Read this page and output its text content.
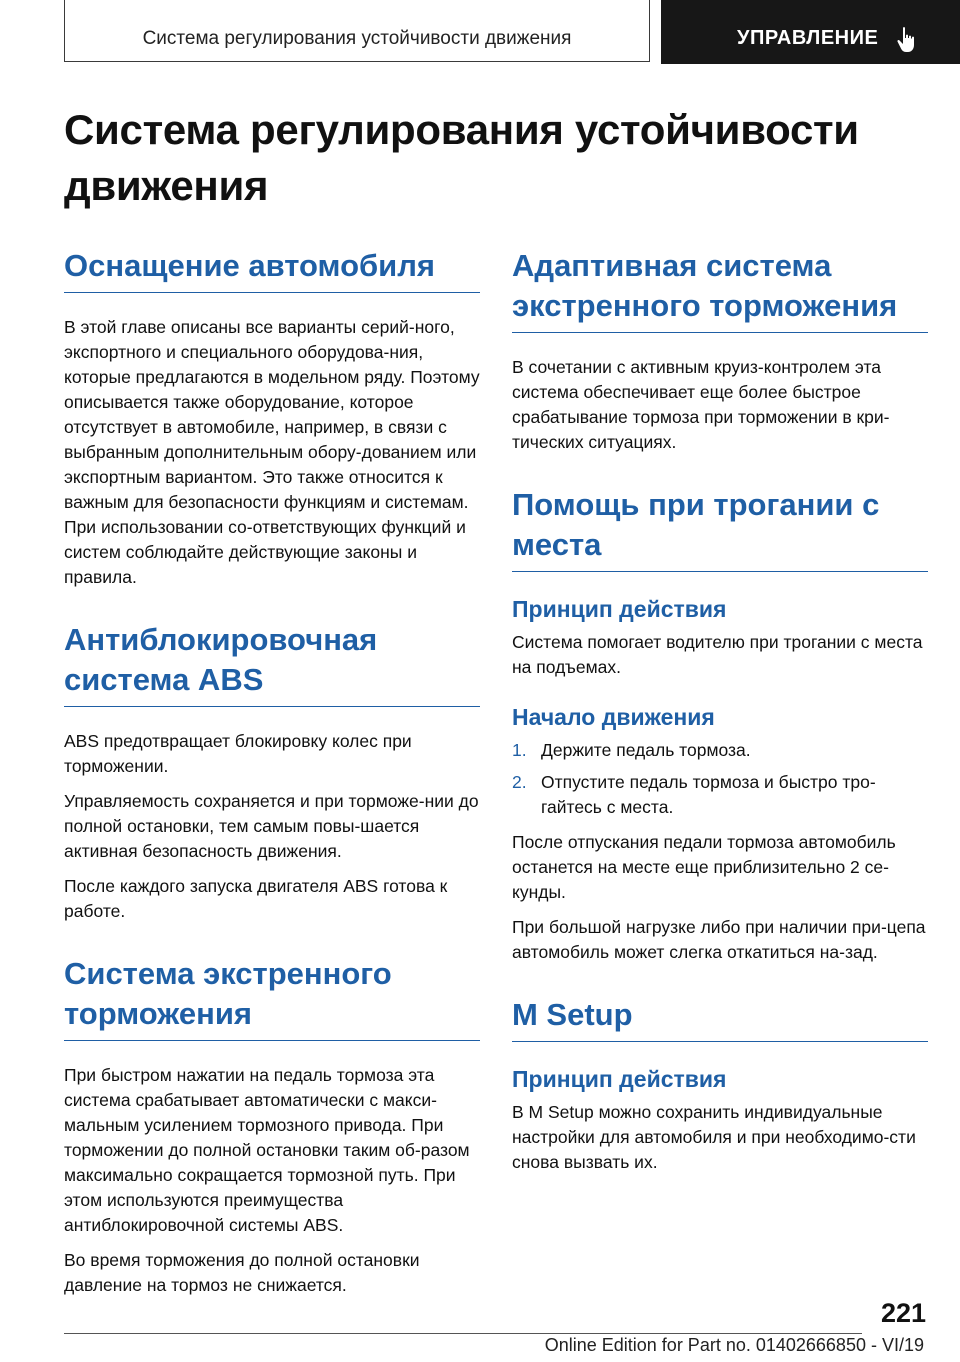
Система регулирования устойчивости движения	УПРАВЛЕНИЕ
Система регулирования устойчивости движения
Оснащение автомобиля

В этой главе описаны все варианты серий-ного, экспортного и специального оборудова-ния, которые предлагаются в модельном ряду. Поэтому описывается также оборудование, которое отсутствует в автомобиле, например, в связи с выбранным дополнительным обору-дованием или экспортным вариантом. Это также относится к важным для безопасности функциям и системам. При использовании со-ответствующих функций и систем соблюдайте действующие законы и правила.

Антиблокировочная система ABS

ABS предотвращает блокировку колес при торможении.

Управляемость сохраняется и при торможе-нии до полной остановки, тем самым повы-шается активная безопасность движения.

После каждого запуска двигателя ABS готова к работе.

Система экстренного торможения

При быстром нажатии на педаль тормоза эта система срабатывает автоматически с макси-мальным усилением тормозного привода. При торможении до полной остановки таким об-разом максимально сокращается тормозной путь. При этом используются преимущества антиблокировочной системы ABS.

Во время торможения до полной остановки давление на тормоз не снижается.

Адаптивная система экстренного торможения

В сочетании с активным круиз-контролем эта система обеспечивает еще более быстрое срабатывание тормоза при торможении в кри-тических ситуациях.

Помощь при трогании с места
Принцип действия

Система помогает водителю при трогании с места на подъемах.

Начало движения
1. Держите педаль тормоза.
2. Отпустите педаль тормоза и быстро тро-гайтесь с места.

После отпускания педали тормоза автомобиль останется на месте еще приблизительно 2 се-кунды.

При большой нагрузке либо при наличии при-цепа автомобиль может слегка откатиться на-зад.

M Setup
Принцип действия

В M Setup можно сохранить индивидуальные настройки для автомобиля и при необходимо-сти снова вызвать их.

221
Online Edition for Part no. 01402666850 - VI/19
